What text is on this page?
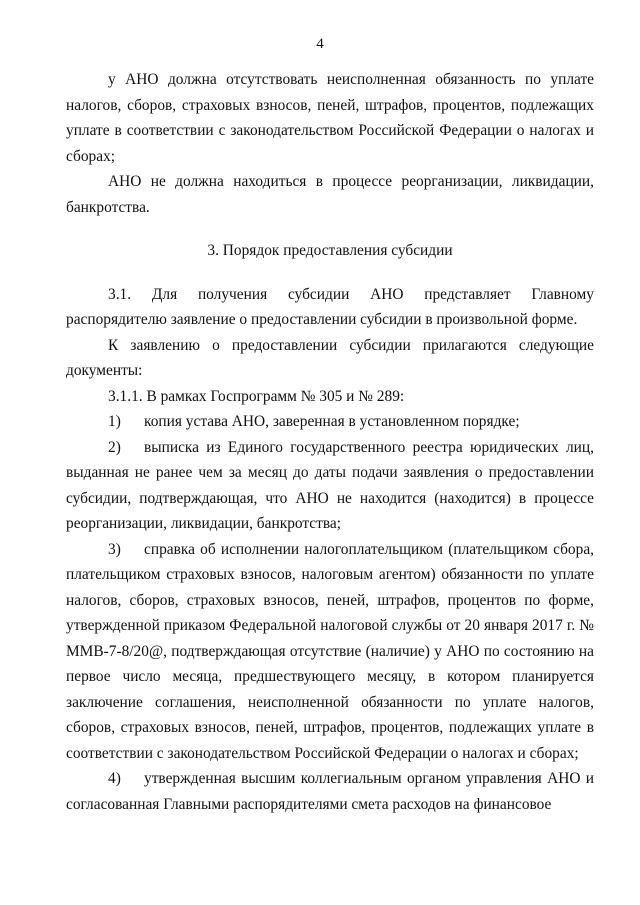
4

у АНО должна отсутствовать неисполненная обязанность по уплате налогов, сборов, страховых взносов, пеней, штрафов, процентов, подлежащих уплате в соответствии с законодательством Российской Федерации о налогах и сборах;

АНО не должна находиться в процессе реорганизации, ликвидации, банкротства.

3. Порядок предоставления субсидии

3.1. Для получения субсидии АНО представляет Главному распорядителю заявление о предоставлении субсидии в произвольной форме.

К заявлению о предоставлении субсидии прилагаются следующие документы:

3.1.1. В рамках Госпрограмм № 305 и № 289:

1) копия устава АНО, заверенная в установленном порядке;

2) выписка из Единого государственного реестра юридических лиц, выданная не ранее чем за месяц до даты подачи заявления о предоставлении субсидии, подтверждающая, что АНО не находится (находится) в процессе реорганизации, ликвидации, банкротства;

3) справка об исполнении налогоплательщиком (плательщиком сбора, плательщиком страховых взносов, налоговым агентом) обязанности по уплате налогов, сборов, страховых взносов, пеней, штрафов, процентов по форме, утвержденной приказом Федеральной налоговой службы от 20 января 2017 г. № ММВ-7-8/20@, подтверждающая отсутствие (наличие) у АНО по состоянию на первое число месяца, предшествующего месяцу, в котором планируется заключение соглашения, неисполненной обязанности по уплате налогов, сборов, страховых взносов, пеней, штрафов, процентов, подлежащих уплате в соответствии с законодательством Российской Федерации о налогах и сборах;

4) утвержденная высшим коллегиальным органом управления АНО и согласованная Главными распорядителями смета расходов на финансовое
